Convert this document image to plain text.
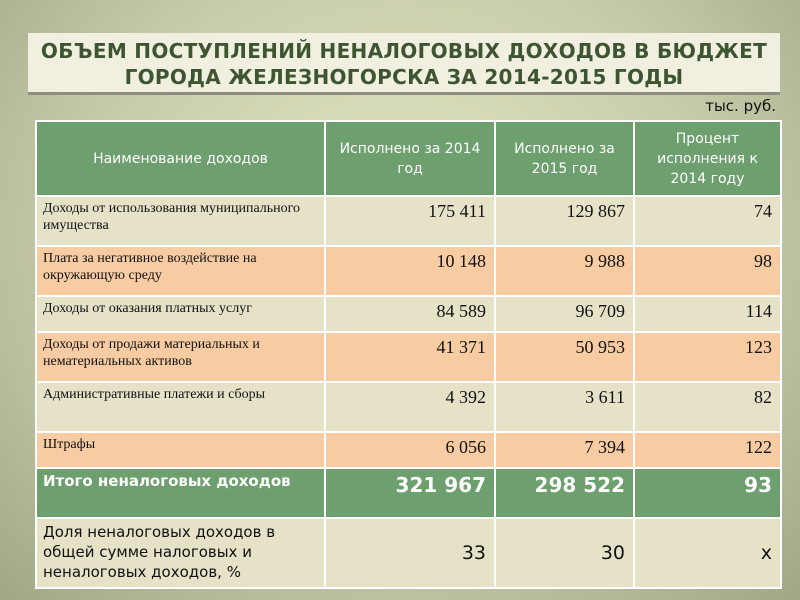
ОБЪЕМ ПОСТУПЛЕНИЙ НЕНАЛОГОВЫХ ДОХОДОВ В БЮДЖЕТ
ГОРОДА ЖЕЛЕЗНОГОРСКА ЗА 2014-2015 ГОДЫ
тыс. руб.
Наименование доходов	Исполнено за 2014 год	Исполнено за 2015 год	Процент исполнения к 2014 году
Доходы от использования муниципального имущества	175 411	129 867	74
Плата за негативное воздействие на окружающую среду	10 148	9 988	98
Доходы от оказания платных услуг	84 589	96 709	114
Доходы от продажи материальных и нематериальных активов	41 371	50 953	123
Административные платежи и сборы	4 392	3 611	82
Штрафы	6 056	7 394	122
Итого неналоговых доходов	321 967	298 522	93
Доля неналоговых доходов в общей сумме налоговых и неналоговых доходов, %	33	30	х
